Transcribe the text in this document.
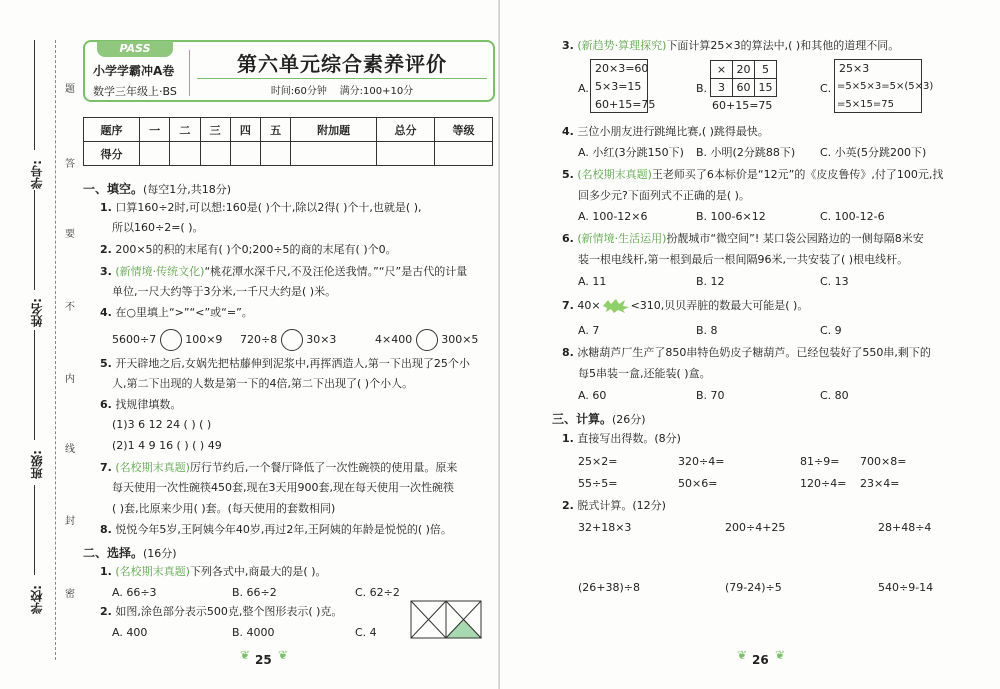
学号:
姓名:
班级:
学校:
题
答
要
不
内
线
封
密
PASS
小学学霸冲A卷
数学三年级上·BS
第六单元综合素养评价
时间:60分钟 满分:100+10分
题序	一	二	三	四	五	附加题	总分	等级
得分								
一、填空。(每空1分,共18分)
1. 口算160÷2时,可以想:160是( )个十,除以2得( )个十,也就是( ),
所以160÷2=( )。
2. 200×5的积的末尾有( )个0;200÷5的商的末尾有( )个0。
3. (新情境·传统文化)“桃花潭水深千尺,不及汪伦送我情。”“尺”是古代的计量
单位,一尺大约等于3分米,一千尺大约是( )米。
4. 在○里填上“>”“<”或“=”。
5600÷7	100×9 720÷8	30×3	4×400	300×5
5. 开天辟地之后,女娲先把枯藤伸到泥浆中,再挥洒造人,第一下出现了25个小
人,第二下出现的人数是第一下的4倍,第二下出现了( )个小人。
6. 找规律填数。
(1)3 6 12 24 ( ) ( )
(2)1 4 9 16 ( ) ( ) 49
7. (名校期末真题)厉行节约后,一个餐厅降低了一次性碗筷的使用量。原来
每天使用一次性碗筷450套,现在3天用900套,现在每天使用一次性碗筷
( )套,比原来少用( )套。(每天使用的套数相同)
8. 悦悦今年5岁,王阿姨今年40岁,再过2年,王阿姨的年龄是悦悦的( )倍。
二、选择。(16分)
1. (名校期末真题)下列各式中,商最大的是( )。
A. 66÷3	B. 66÷2	C. 62÷2
2. 如图,涂色部分表示500克,整个图形表示( )克。
A. 400	B. 4000	C. 4
❦ 25 ❦
3. (新趋势·算理探究)下面计算25×3的算法中,( )和其他的道理不同。
A.
20×3=60
5×3=15
60+15=75
B.
×	20	5
3	60	15
60+15=75
C.
25×3
=5×5×3=5×(5×3)
=5×15=75
4. 三位小朋友进行跳绳比赛,( )跳得最快。
A. 小红(3分跳150下) B. 小明(2分跳88下) C. 小英(5分跳200下)
5. (名校期末真题)王老师买了6本标价是“12元”的《皮皮鲁传》,付了100元,找
回多少元?下面列式不正确的是( )。
A. 100-12×6	B. 100-6×12	C. 100-12-6
6. (新情境·生活运用)扮靓城市“微空间”! 某口袋公园路边的一侧每隔8米安
装一根电线杆,第一根到最后一根间隔96米,一共安装了( )根电线杆。
A. 11	B. 12	C. 13
7. 40×	<310,贝贝弄脏的数最大可能是( )。
A. 7	B. 8	C. 9
8. 冰糖葫芦厂生产了850串特色奶皮子糖葫芦。已经包装好了550串,剩下的
每5串装一盒,还能装( )盒。
A. 60	B. 70	C. 80
三、计算。(26分)
1. 直接写出得数。(8分)
25×2=	320÷4=	81÷9= 700×8=
55÷5=	50×6=	120÷4= 23×4=
2. 脱式计算。(12分)
32+18×3	200÷4+25	28+48÷4
(26+38)÷8	(79-24)÷5	540÷9-14
❦ 26 ❦
